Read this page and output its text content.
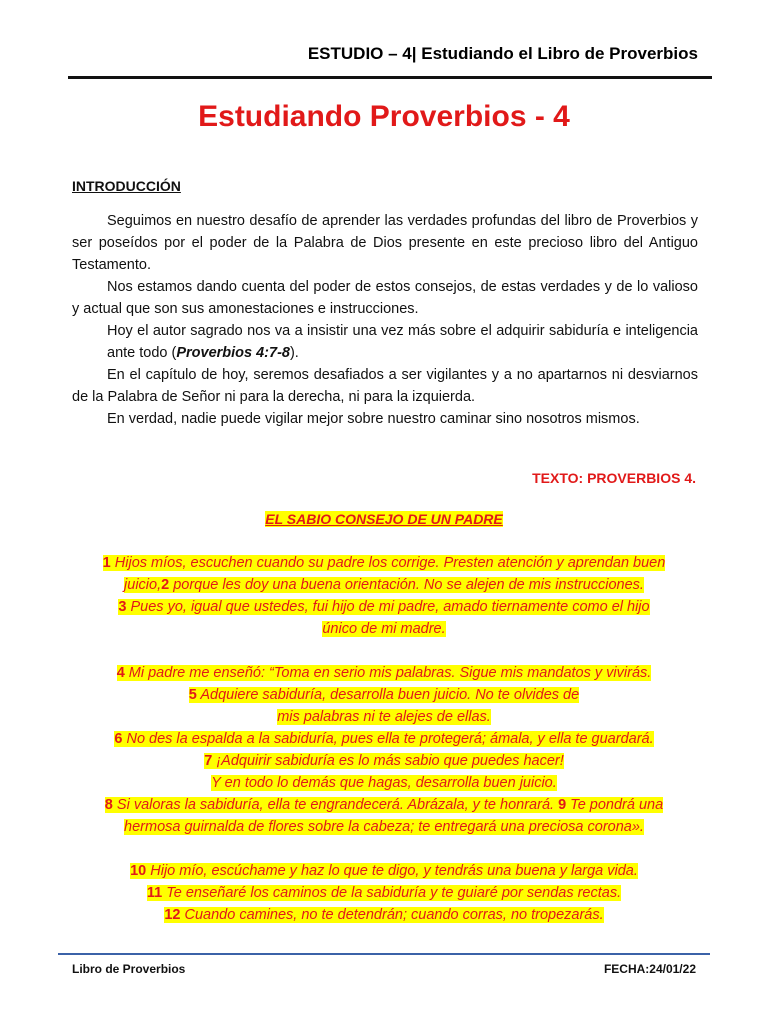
ESTUDIO – 4| Estudiando el Libro de Proverbios
Estudiando Proverbios - 4
INTRODUCCIÓN

Seguimos en nuestro desafío de aprender las verdades profundas del libro de Proverbios y ser poseídos por el poder de la Palabra de Dios presente en este precioso libro del Antiguo Testamento.

Nos estamos dando cuenta del poder de estos consejos, de estas verdades y de lo valioso y actual que son sus amonestaciones e instrucciones.

Hoy el autor sagrado nos va a insistir una vez más sobre el adquirir sabiduría e inteligencia ante todo (Proverbios 4:7-8).

En el capítulo de hoy, seremos desafiados a ser vigilantes y a no apartarnos ni desviarnos de la Palabra de Señor ni para la derecha, ni para la izquierda.

En verdad, nadie puede vigilar mejor sobre nuestro caminar sino nosotros mismos.

TEXTO: PROVERBIOS 4.
EL SABIO CONSEJO DE UN PADRE
1 Hijos míos, escuchen cuando su padre los corrige. Presten atención y aprendan buen
juicio,2 porque les doy una buena orientación. No se alejen de mis instrucciones.
3 Pues yo, igual que ustedes, fui hijo de mi padre, amado tiernamente como el hijo
único de mi madre.
4 Mi padre me enseñó: “Toma en serio mis palabras. Sigue mis mandatos y vivirás.
5 Adquiere sabiduría, desarrolla buen juicio. No te olvides de
mis palabras ni te alejes de ellas.
6 No des la espalda a la sabiduría, pues ella te protegerá; ámala, y ella te guardará.
7 ¡Adquirir sabiduría es lo más sabio que puedes hacer!
Y en todo lo demás que hagas, desarrolla buen juicio.
8 Si valoras la sabiduría, ella te engrandecerá. Abrázala, y te honrará. 9 Te pondrá una
hermosa guirnalda de flores sobre la cabeza; te entregará una preciosa corona».
10 Hijo mío, escúchame y haz lo que te digo, y tendrás una buena y larga vida.
11 Te enseñaré los caminos de la sabiduría y te guiaré por sendas rectas.
12 Cuando camines, no te detendrán; cuando corras, no tropezarás.
Libro de Proverbios	FECHA:24/01/22
